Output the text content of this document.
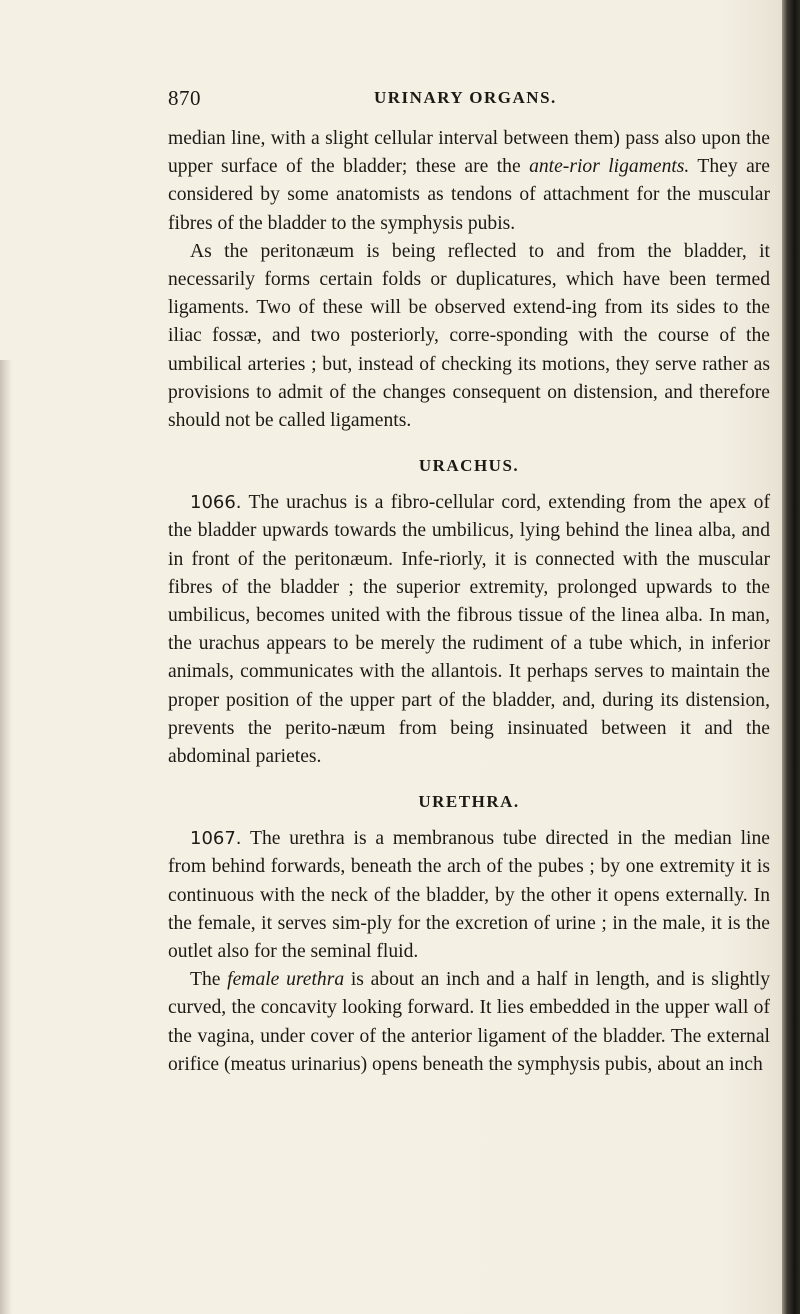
870	URINARY ORGANS.

median line, with a slight cellular interval between them) pass also upon the upper surface of the bladder; these are the ante-rior ligaments. They are considered by some anatomists as tendons of attachment for the muscular fibres of the bladder to the symphysis pubis.

As the peritonæum is being reflected to and from the bladder, it necessarily forms certain folds or duplicatures, which have been termed ligaments. Two of these will be observed extend-ing from its sides to the iliac fossæ, and two posteriorly, corre-sponding with the course of the umbilical arteries ; but, instead of checking its motions, they serve rather as provisions to admit of the changes consequent on distension, and therefore should not be called ligaments.

URACHUS.

1066. The urachus is a fibro-cellular cord, extending from the apex of the bladder upwards towards the umbilicus, lying behind the linea alba, and in front of the peritonæum. Infe-riorly, it is connected with the muscular fibres of the bladder ; the superior extremity, prolonged upwards to the umbilicus, becomes united with the fibrous tissue of the linea alba. In man, the urachus appears to be merely the rudiment of a tube which, in inferior animals, communicates with the allantois. It perhaps serves to maintain the proper position of the upper part of the bladder, and, during its distension, prevents the perito-næum from being insinuated between it and the abdominal parietes.

URETHRA.

1067. The urethra is a membranous tube directed in the median line from behind forwards, beneath the arch of the pubes ; by one extremity it is continuous with the neck of the bladder, by the other it opens externally. In the female, it serves sim-ply for the excretion of urine ; in the male, it is the outlet also for the seminal fluid.

The female urethra is about an inch and a half in length, and is slightly curved, the concavity looking forward. It lies embedded in the upper wall of the vagina, under cover of the anterior ligament of the bladder. The external orifice (meatus urinarius) opens beneath the symphysis pubis, about an inch
